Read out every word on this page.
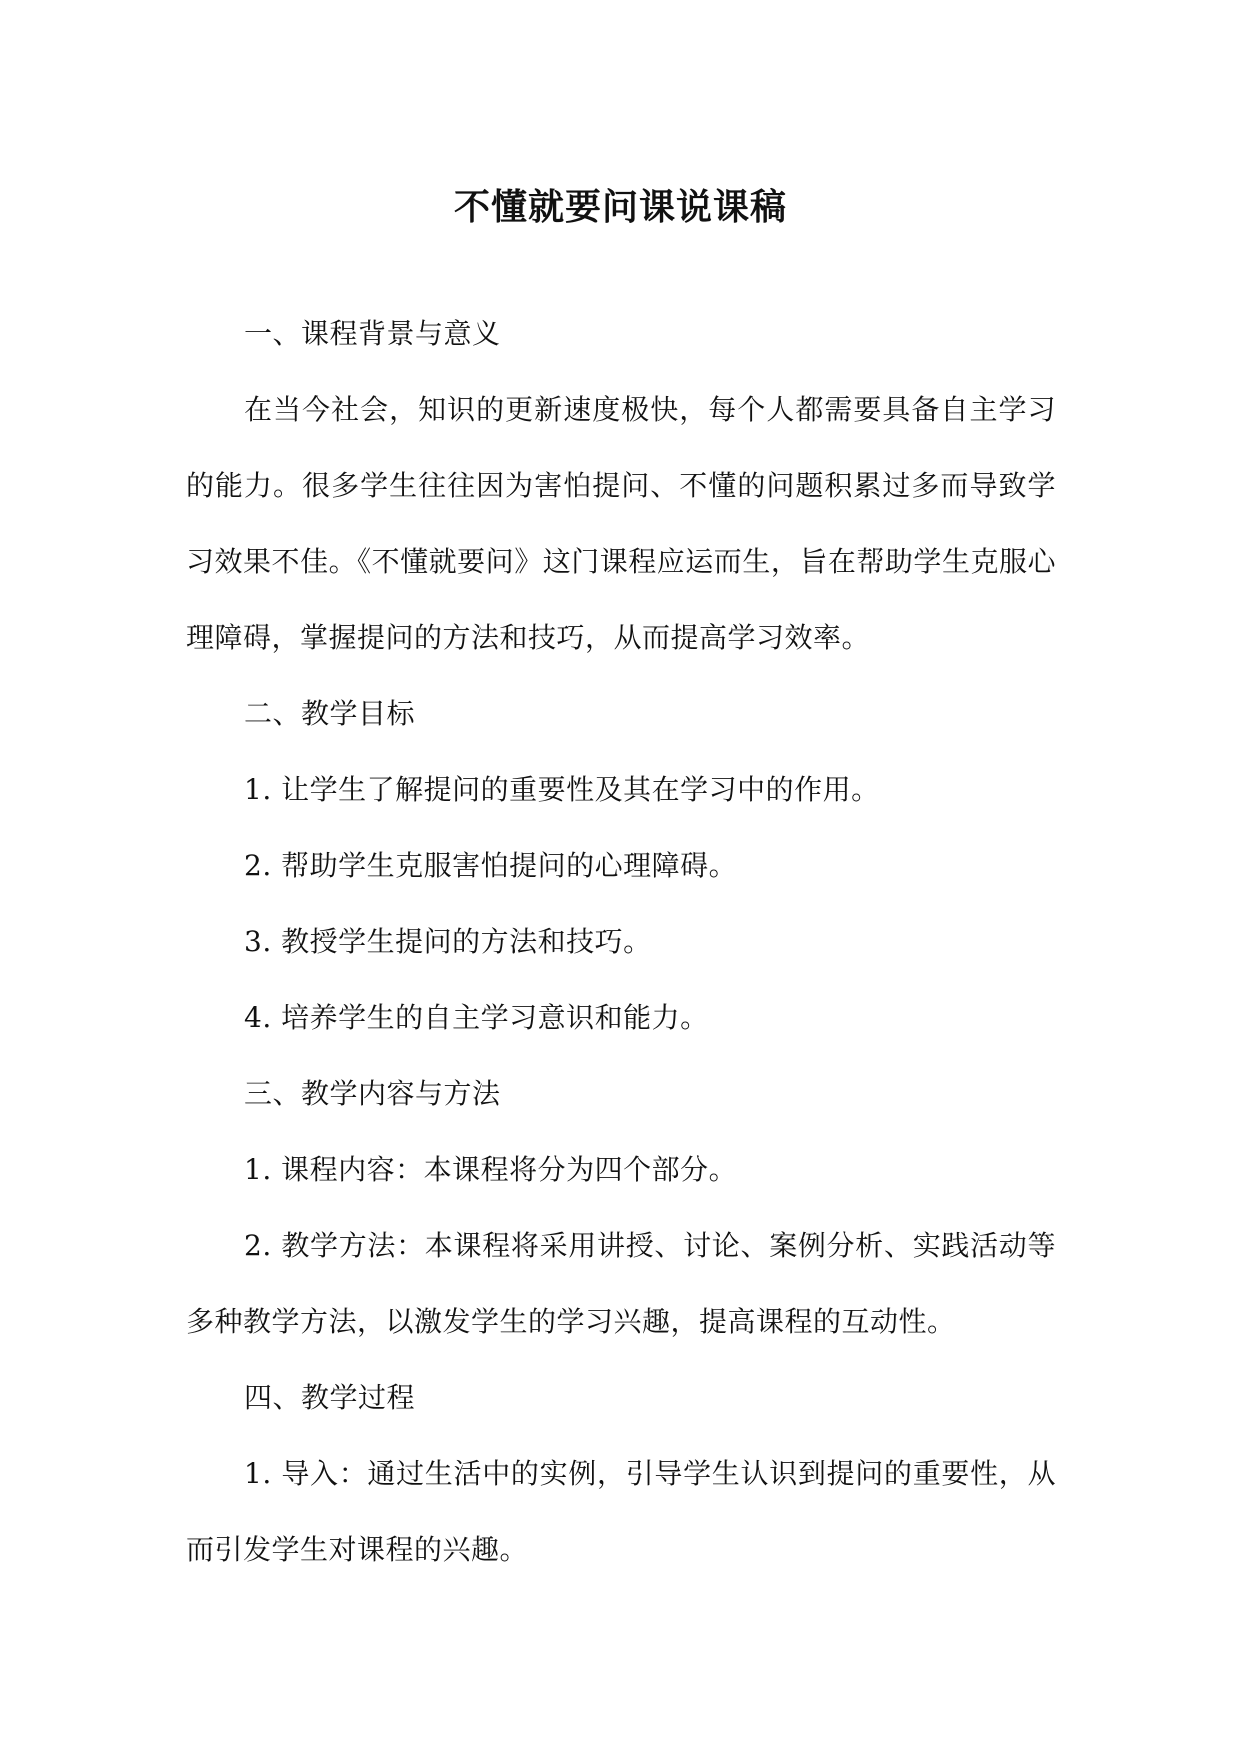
不懂就要问课说课稿

一、课程背景与意义

在当今社会，知识的更新速度极快，每个人都需要具备自主学习的能力。很多学生往往因为害怕提问、不懂的问题积累过多而导致学习效果不佳。《不懂就要问》这门课程应运而生，旨在帮助学生克服心理障碍，掌握提问的方法和技巧，从而提高学习效率。

二、教学目标

1. 让学生了解提问的重要性及其在学习中的作用。

2. 帮助学生克服害怕提问的心理障碍。

3. 教授学生提问的方法和技巧。

4. 培养学生的自主学习意识和能力。

三、教学内容与方法

1. 课程内容：本课程将分为四个部分。

2. 教学方法：本课程将采用讲授、讨论、案例分析、实践活动等多种教学方法，以激发学生的学习兴趣，提高课程的互动性。

四、教学过程

1. 导入：通过生活中的实例，引导学生认识到提问的重要性，从而引发学生对课程的兴趣。
